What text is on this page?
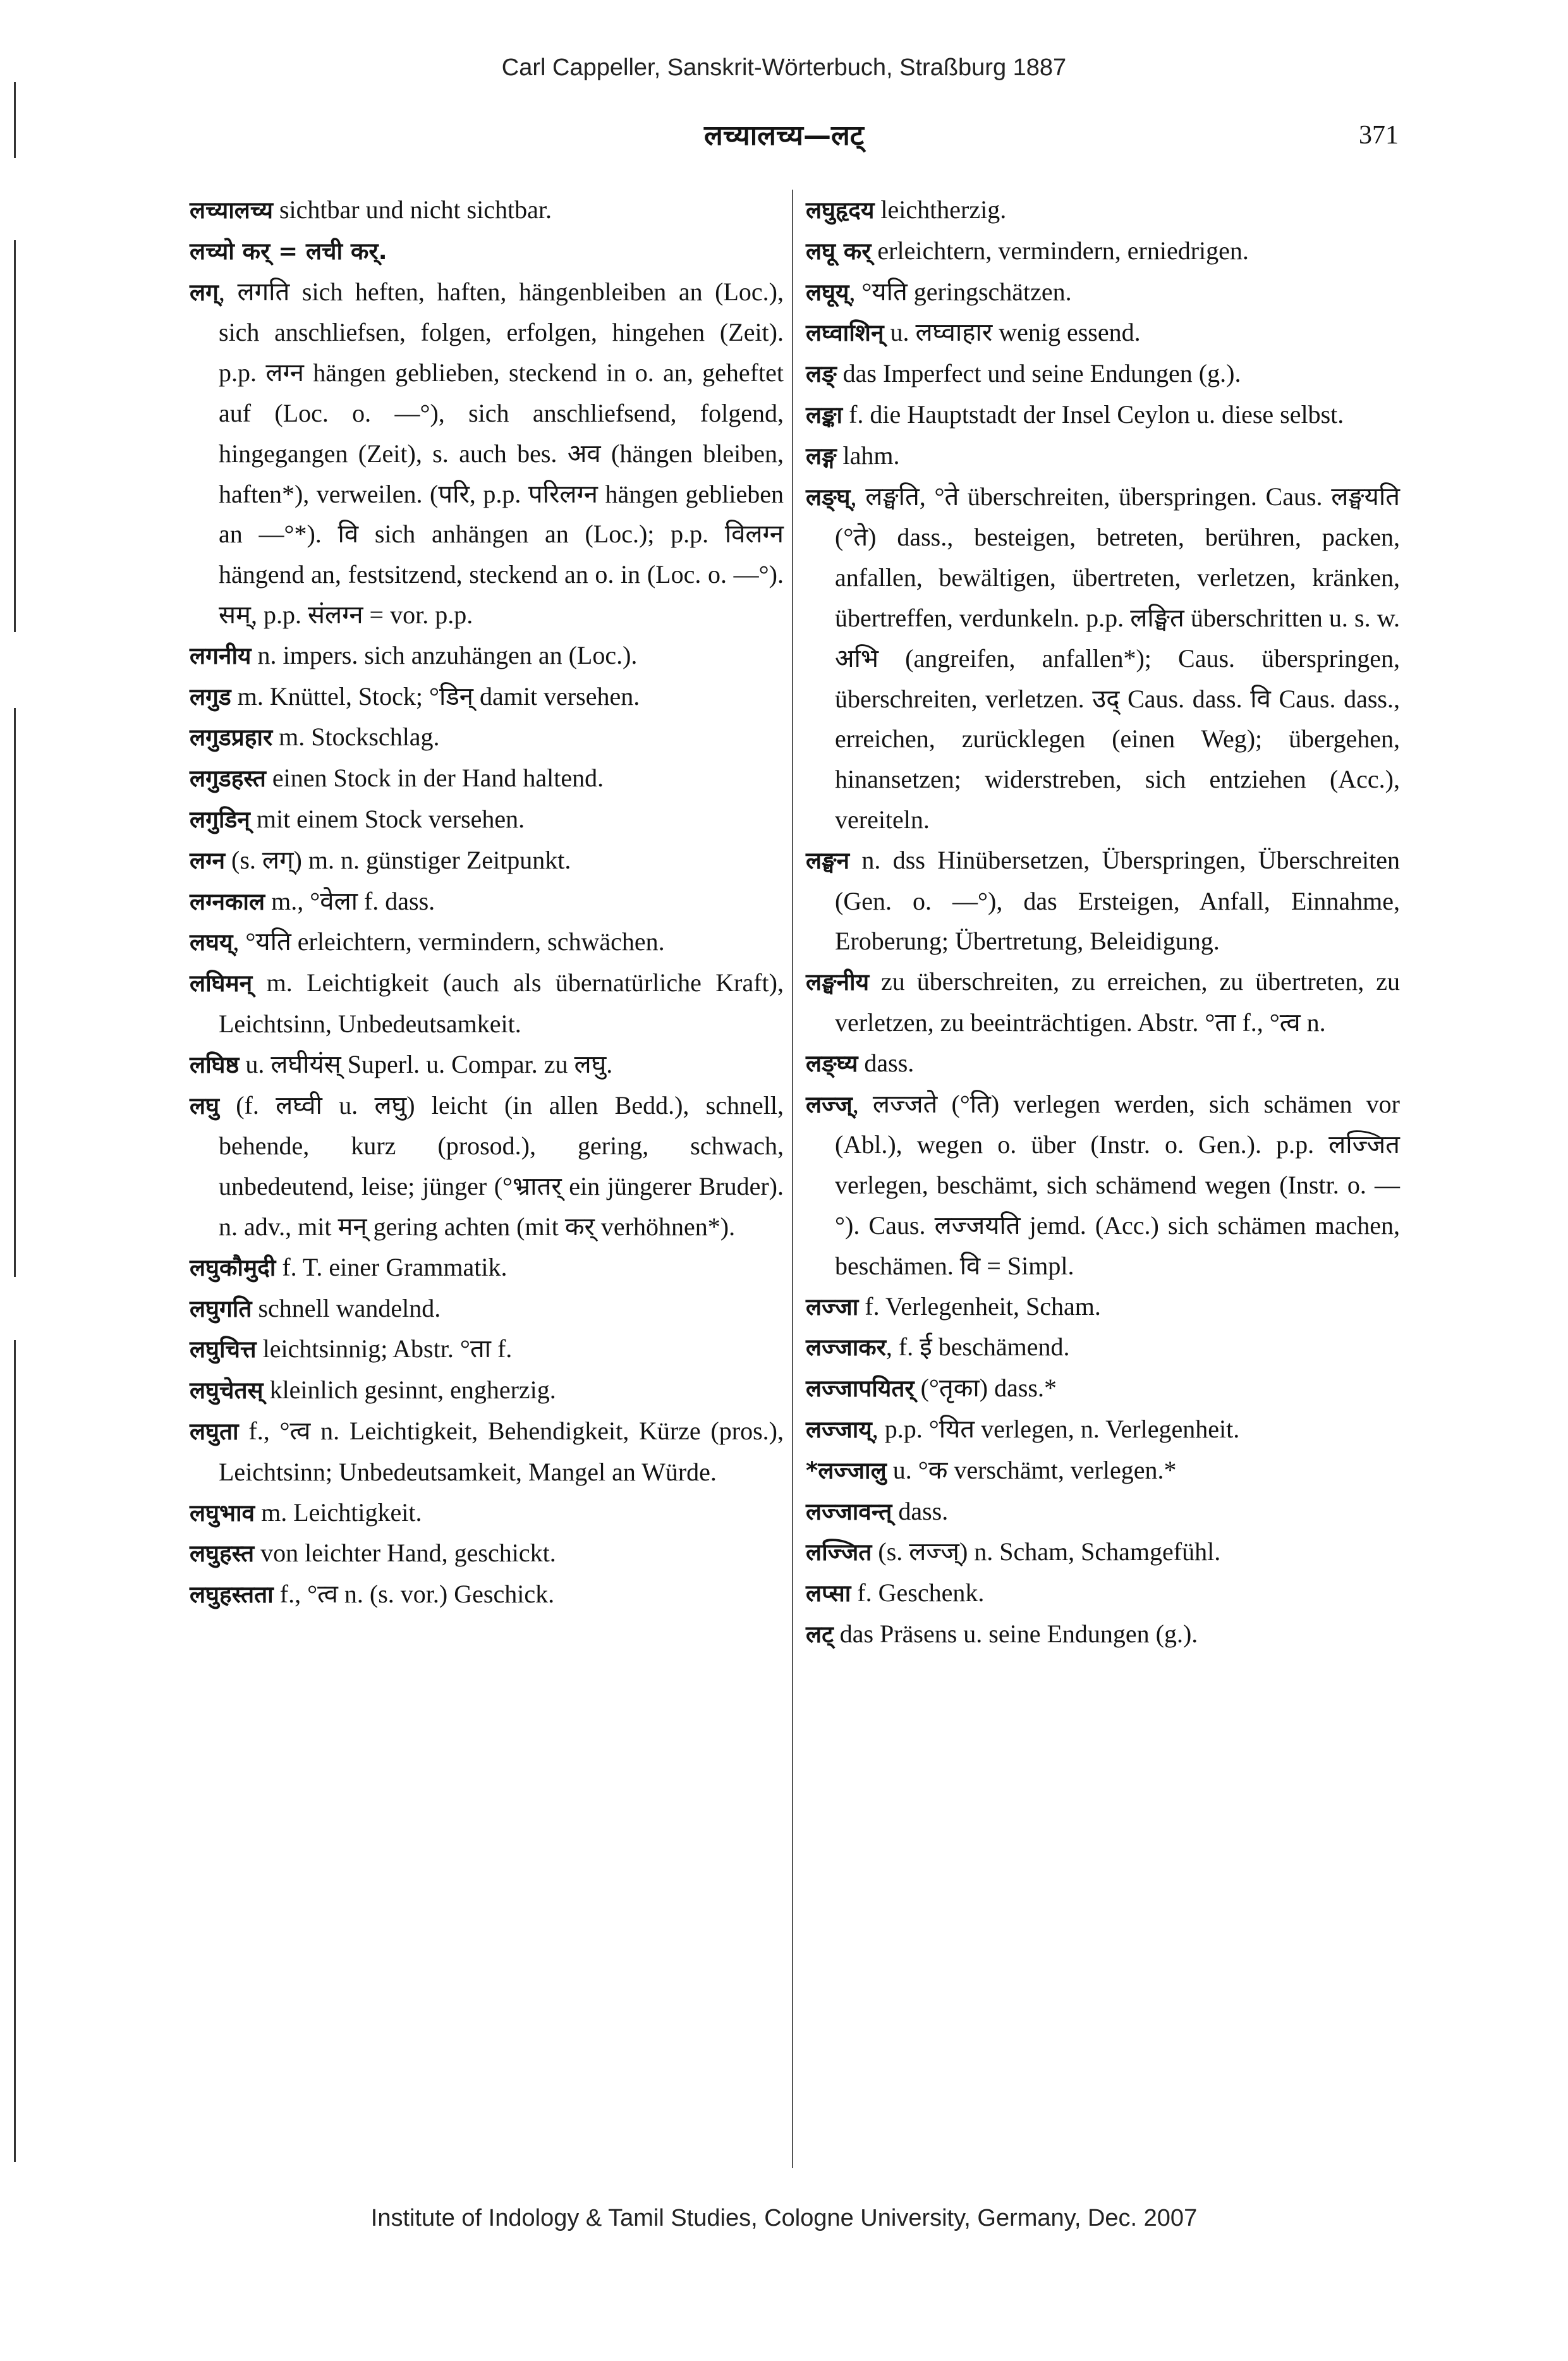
Carl Cappeller, Sanskrit-Wörterbuch, Straßburg 1887
लच्यालच्य—लट्	371

लच्यालच्य sichtbar und nicht sichtbar.

लच्यो कर् = लची कर्.

लग्, लगति sich heften, haften, hängenbleiben an (Loc.), sich anschliefsen, folgen, erfolgen, hingehen (Zeit). p.p. लग्न hängen geblieben, steckend in o. an, geheftet auf (Loc. o. —°), sich anschliefsend, folgend, hingegangen (Zeit), s. auch bes. अव (hängen bleiben, haften*), verweilen. (परि, p.p. परिलग्न hängen geblieben an —°*). वि sich anhängen an (Loc.); p.p. विलग्न hängend an, festsitzend, steckend an o. in (Loc. o. —°). सम्, p.p. संलग्न = vor. p.p.

लगनीय n. impers. sich anzuhängen an (Loc.).

लगुड m. Knüttel, Stock; °डिन् damit versehen.

लगुडप्रहार m. Stockschlag.

लगुडहस्त einen Stock in der Hand haltend.

लगुडिन् mit einem Stock versehen.

लग्न (s. लग्) m. n. günstiger Zeitpunkt.

लग्नकाल m., °वेला f. dass.

लघय्, °यति erleichtern, vermindern, schwächen.

लघिमन् m. Leichtigkeit (auch als übernatürliche Kraft), Leichtsinn, Unbedeutsamkeit.

लघिष्ठ u. लघीयंस् Superl. u. Compar. zu लघु.

लघु (f. लघ्वी u. लघु) leicht (in allen Bedd.), schnell, behende, kurz (prosod.), gering, schwach, unbedeutend, leise; jünger (°भ्रातर् ein jüngerer Bruder). n. adv., mit मन् gering achten (mit कर् verhöhnen*).

लघुकौमुदी f. T. einer Grammatik.

लघुगति schnell wandelnd.

लघुचित्त leichtsinnig; Abstr. °ता f.

लघुचेतस् kleinlich gesinnt, engherzig.

लघुता f., °त्व n. Leichtigkeit, Behendigkeit, Kürze (pros.), Leichtsinn; Unbedeutsamkeit, Mangel an Würde.

लघुभाव m. Leichtigkeit.

लघुहस्त von leichter Hand, geschickt.

लघुहस्तता f., °त्व n. (s. vor.) Geschick.

लघुहृदय leichtherzig.

लघू कर् erleichtern, vermindern, erniedrigen.

लघूय्, °यति geringschätzen.

लघ्वाशिन् u. लघ्वाहार wenig essend.

लङ् das Imperfect und seine Endungen (g.).

लङ्का f. die Hauptstadt der Insel Ceylon u. diese selbst.

लङ्ग lahm.

लङ्घ्, लङ्घति, °ते überschreiten, überspringen. Caus. लङ्घयति (°ते) dass., besteigen, betreten, berühren, packen, anfallen, bewältigen, übertreten, verletzen, kränken, übertreffen, verdunkeln. p.p. लङ्घित überschritten u. s. w. अभि (angreifen, anfallen*); Caus. überspringen, überschreiten, verletzen. उद् Caus. dass. वि Caus. dass., erreichen, zurücklegen (einen Weg); übergehen, hinansetzen; widerstreben, sich entziehen (Acc.), vereiteln.

लङ्घन n. dss Hinübersetzen, Überspringen, Überschreiten (Gen. o. —°), das Ersteigen, Anfall, Einnahme, Eroberung; Übertretung, Beleidigung.

लङ्घनीय zu überschreiten, zu erreichen, zu übertreten, zu verletzen, zu beeinträchtigen. Abstr. °ता f., °त्व n.

लङ्घ्य dass.

लज्ज्, लज्जते (°ति) verlegen werden, sich schämen vor (Abl.), wegen o. über (Instr. o. Gen.). p.p. लज्जित verlegen, beschämt, sich schämend wegen (Instr. o. —°). Caus. लज्जयति jemd. (Acc.) sich schämen machen, beschämen. वि = Simpl.

लज्जा f. Verlegenheit, Scham.

लज्जाकर, f. ई beschämend.

लज्जापयितर् (°तृका) dass.*

लज्जाय्, p.p. °यित verlegen, n. Verlegenheit.

*लज्जालु u. °क verschämt, verlegen.*

लज्जावन्त् dass.

लज्जित (s. लज्ज्) n. Scham, Schamgefühl.

लप्सा f. Geschenk.

लट् das Präsens u. seine Endungen (g.).

Institute of Indology & Tamil Studies, Cologne University, Germany, Dec. 2007
